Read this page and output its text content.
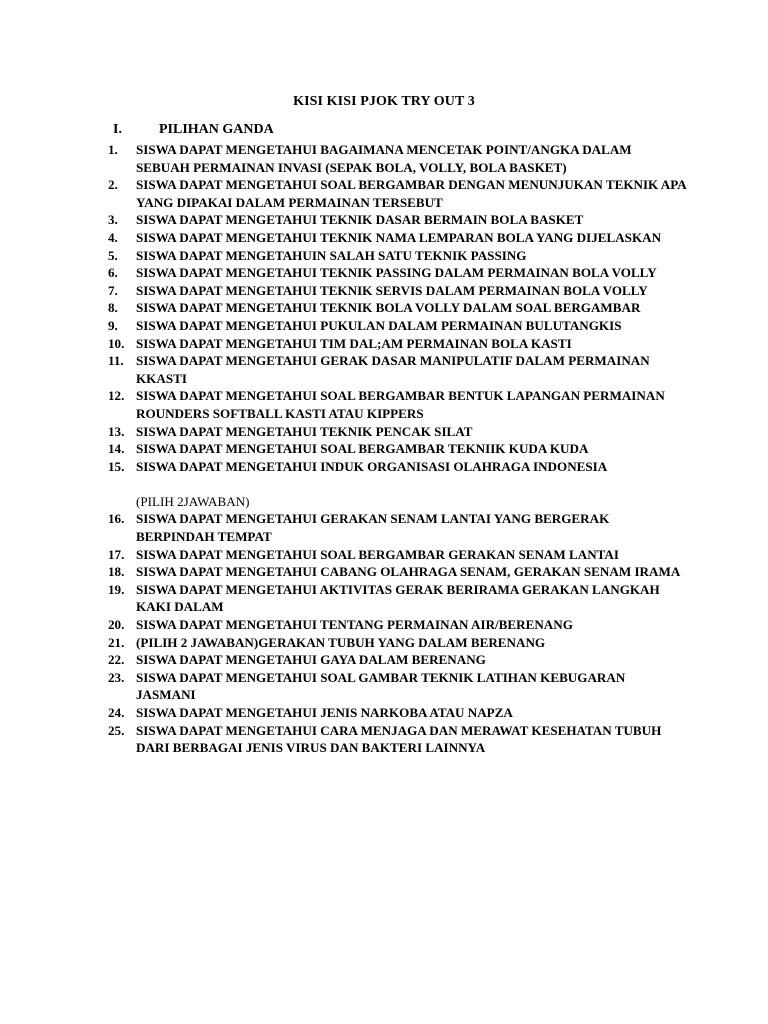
KISI KISI PJOK TRY OUT 3
I.	PILIHAN GANDA
1.	SISWA DAPAT MENGETAHUI BAGAIMANA MENCETAK POINT/ANGKA DALAM SEBUAH PERMAINAN INVASI (SEPAK BOLA, VOLLY, BOLA BASKET)
2.	SISWA DAPAT MENGETAHUI SOAL BERGAMBAR DENGAN MENUNJUKAN TEKNIK APA YANG DIPAKAI DALAM PERMAINAN TERSEBUT
3.	SISWA DAPAT MENGETAHUI TEKNIK DASAR BERMAIN BOLA BASKET
4.	SISWA DAPAT MENGETAHUI TEKNIK NAMA LEMPARAN BOLA YANG DIJELASKAN
5.	SISWA DAPAT MENGETAHUIN SALAH SATU TEKNIK PASSING
6.	SISWA DAPAT MENGETAHUI TEKNIK PASSING DALAM PERMAINAN BOLA VOLLY
7.	SISWA DAPAT MENGETAHUI TEKNIK SERVIS DALAM PERMAINAN BOLA VOLLY
8.	SISWA DAPAT MENGETAHUI TEKNIK BOLA VOLLY DALAM SOAL BERGAMBAR
9.	SISWA DAPAT MENGETAHUI PUKULAN DALAM PERMAINAN BULUTANGKIS
10. SISWA DAPAT MENGETAHUI TIM DAL;AM PERMAINAN BOLA KASTI
11. SISWA DAPAT MENGETAHUI GERAK DASAR MANIPULATIF DALAM PERMAINAN KKASTI
12. SISWA DAPAT MENGETAHUI SOAL BERGAMBAR BENTUK LAPANGAN PERMAINAN ROUNDERS SOFTBALL KASTI ATAU KIPPERS
13. SISWA DAPAT MENGETAHUI TEKNIK PENCAK SILAT
14. SISWA DAPAT MENGETAHUI SOAL BERGAMBAR TEKNIIK KUDA KUDA
15. SISWA DAPAT MENGETAHUI INDUK ORGANISASI OLAHRAGA INDONESIA
(PILIH 2JAWABAN)
16. SISWA DAPAT MENGETAHUI GERAKAN SENAM LANTAI YANG BERGERAK BERPINDAH TEMPAT
17. SISWA DAPAT MENGETAHUI SOAL BERGAMBAR GERAKAN SENAM LANTAI
18. SISWA DAPAT MENGETAHUI CABANG OLAHRAGA SENAM, GERAKAN SENAM IRAMA
19. SISWA DAPAT MENGETAHUI AKTIVITAS GERAK BERIRAMA GERAKAN LANGKAH KAKI DALAM
20. SISWA DAPAT MENGETAHUI TENTANG PERMAINAN AIR/BERENANG
21. (PILIH 2 JAWABAN)GERAKAN TUBUH YANG DALAM BERENANG
22. SISWA DAPAT MENGETAHUI GAYA DALAM BERENANG
23. SISWA DAPAT MENGETAHUI SOAL GAMBAR TEKNIK LATIHAN KEBUGARAN JASMANI
24. SISWA DAPAT MENGETAHUI JENIS NARKOBA ATAU NAPZA
25. SISWA DAPAT MENGETAHUI CARA MENJAGA DAN MERAWAT KESEHATAN TUBUH DARI BERBAGAI JENIS VIRUS DAN BAKTERI LAINNYA
